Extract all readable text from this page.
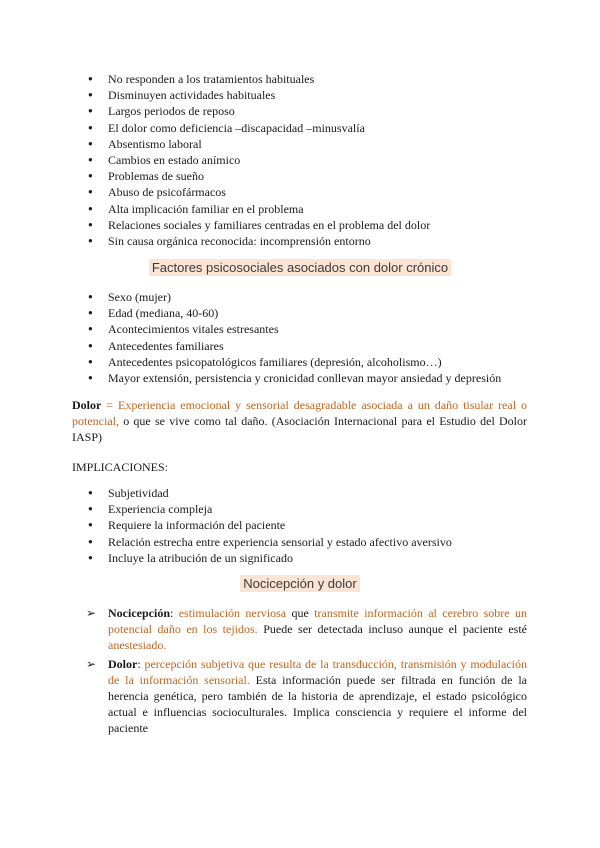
● No responden a los tratamientos habituales
● Disminuyen actividades habituales
● Largos periodos de reposo
● El dolor como deficiencia –discapacidad –minusvalía
● Absentismo laboral
● Cambios en estado anímico
● Problemas de sueño
● Abuso de psicofármacos
● Alta implicación familiar en el problema
● Relaciones sociales y familiares centradas en el problema del dolor
● Sin causa orgánica reconocida: incomprensión entorno
Factores psicosociales asociados con dolor crónico
● Sexo (mujer)
● Edad (mediana, 40-60)
● Acontecimientos vitales estresantes
● Antecedentes familiares
● Antecedentes psicopatológicos familiares (depresión, alcoholismo…)
● Mayor extensión, persistencia y cronicidad conllevan mayor ansiedad y depresión
Dolor = Experiencia emocional y sensorial desagradable asociada a un daño tisular real o potencial, o que se vive como tal daño. (Asociación Internacional para el Estudio del Dolor IASP)
IMPLICACIONES:
● Subjetividad
● Experiencia compleja
● Requiere la información del paciente
● Relación estrecha entre experiencia sensorial y estado afectivo aversivo
● Incluye la atribución de un significado
Nocicepción y dolor
➢ Nocicepción: estimulación nerviosa que transmite información al cerebro sobre un potencial daño en los tejidos. Puede ser detectada incluso aunque el paciente esté anestesiado.
➢ Dolor: percepción subjetiva que resulta de la transducción, transmisión y modulación de la información sensorial. Esta información puede ser filtrada en función de la herencia genética, pero también de la historia de aprendizaje, el estado psicológico actual e influencias socioculturales. Implica consciencia y requiere el informe del paciente
